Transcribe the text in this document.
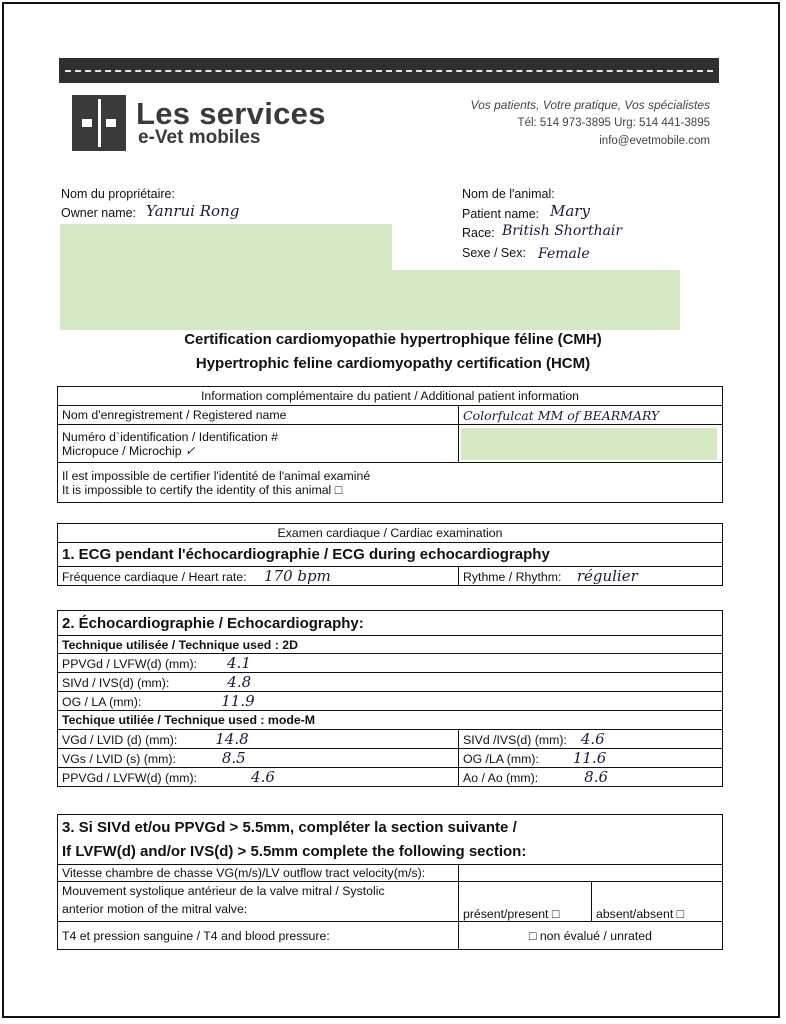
Les services
e-Vet mobiles
Vos patients, Votre pratique, Vos spécialistes
Tél: 514 973-3895 Urg: 514 441-3895
info@evetmobile.com
Nom du propriétaire:
Owner name: Yanrui Rong
Nom de l'animal:
Patient name: Mary
Race: British Shorthair
Sexe / Sex: Female
Certification cardiomyopathie hypertrophique féline (CMH)
Hypertrophic feline cardiomyopathy certification (HCM)
Information complémentaire du patient / Additional patient information	
Nom d'enregistrement / Registered name	Colorfulcat MM of BEARMARY

Numéro d`identification / Identification #
Micropuce / Microchip ✓	

Il est impossible de certifier l'identité de l'animal examiné
It is impossible to certify the identity of this animal □	
Examen cardiaque / Cardiac examination
1. ECG pendant l'échocardiographie / ECG during echocardiography
Fréquence cardiaque / Heart rate: 170 bpm	Rythme / Rhythm: régulier
2. Échocardiographie / Echocardiography:	
Technique utilisée / Technique used : 2D	
PPVGd / LVFW(d) (mm): 4.1	
SIVd / IVS(d) (mm): 4.8	
OG / LA (mm): 11.9	
Techique utiliée / Technique used : mode-M	
VGd / LVID (d) (mm): 14.8	SIVd /IVS(d) (mm): 4.6
VGs / LVID (s) (mm): 8.5	OG /LA (mm): 11.6
PPVGd / LVFW(d) (mm): 4.6	Ao / Ao (mm): 8.6
3. Si SIVd et/ou PPVGd > 5.5mm, compléter la section suivante /
If LVFW(d) and/or IVS(d) > 5.5mm complete the following section:		

Vitesse chambre de chasse VG(m/s)/LV outflow tract velocity(m/s):		

Mouvement systolique antérieur de la valve mitral / Systolic
anterior motion of the mitral valve:	présent/present □	absent/absent □
T4 et pression sanguine / T4 and blood pressure:	□ non évalué / unrated	
